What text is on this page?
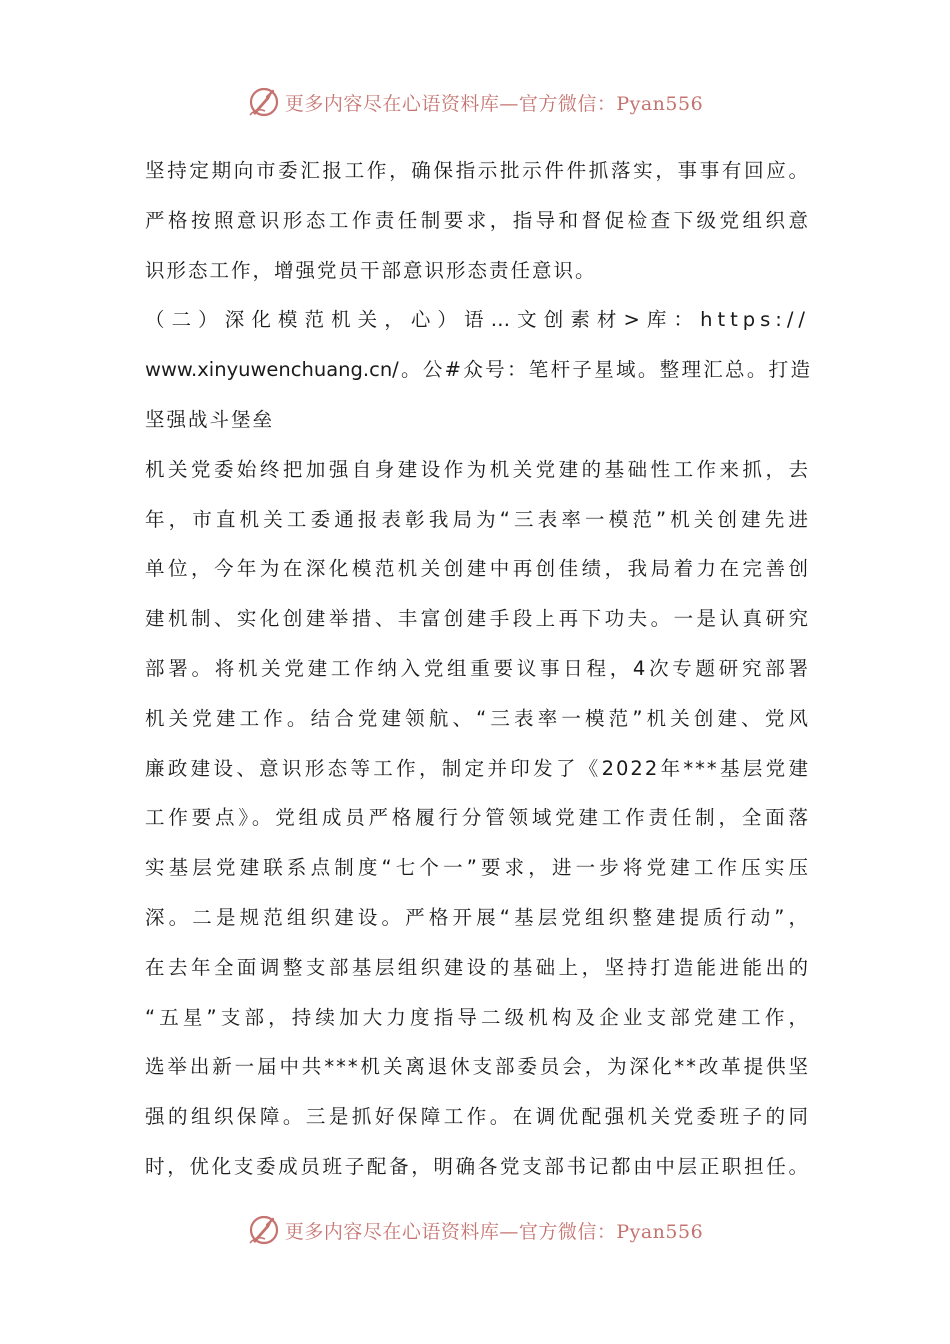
更多内容尽在心语资料库—官方微信：Pyan556
坚持定期向市委汇报工作，确保指示批示件件抓落实，事事有回应。
严格按照意识形态工作责任制要求，指导和督促检查下级党组织意
识形态工作，增强党员干部意识形态责任意识。
（二）深化模范机关，心）语…文创素材>库：https://
www.xinyuwenchuang.cn/。公#众号：笔杆子星域。整理汇总。打造
坚强战斗堡垒
机关党委始终把加强自身建设作为机关党建的基础性工作来抓，去
年，市直机关工委通报表彰我局为“三表率一模范”机关创建先进
单位，今年为在深化模范机关创建中再创佳绩，我局着力在完善创
建机制、实化创建举措、丰富创建手段上再下功夫。一是认真研究
部署。将机关党建工作纳入党组重要议事日程，4次专题研究部署
机关党建工作。结合党建领航、“三表率一模范”机关创建、党风
廉政建设、意识形态等工作，制定并印发了《2022年***基层党建
工作要点》。党组成员严格履行分管领域党建工作责任制，全面落
实基层党建联系点制度“七个一”要求，进一步将党建工作压实压
深。二是规范组织建设。严格开展“基层党组织整建提质行动”，
在去年全面调整支部基层组织建设的基础上，坚持打造能进能出的
“五星”支部，持续加大力度指导二级机构及企业支部党建工作，
选举出新一届中共***机关离退休支部委员会，为深化**改革提供坚
强的组织保障。三是抓好保障工作。在调优配强机关党委班子的同
时，优化支委成员班子配备，明确各党支部书记都由中层正职担任。
更多内容尽在心语资料库—官方微信：Pyan556
